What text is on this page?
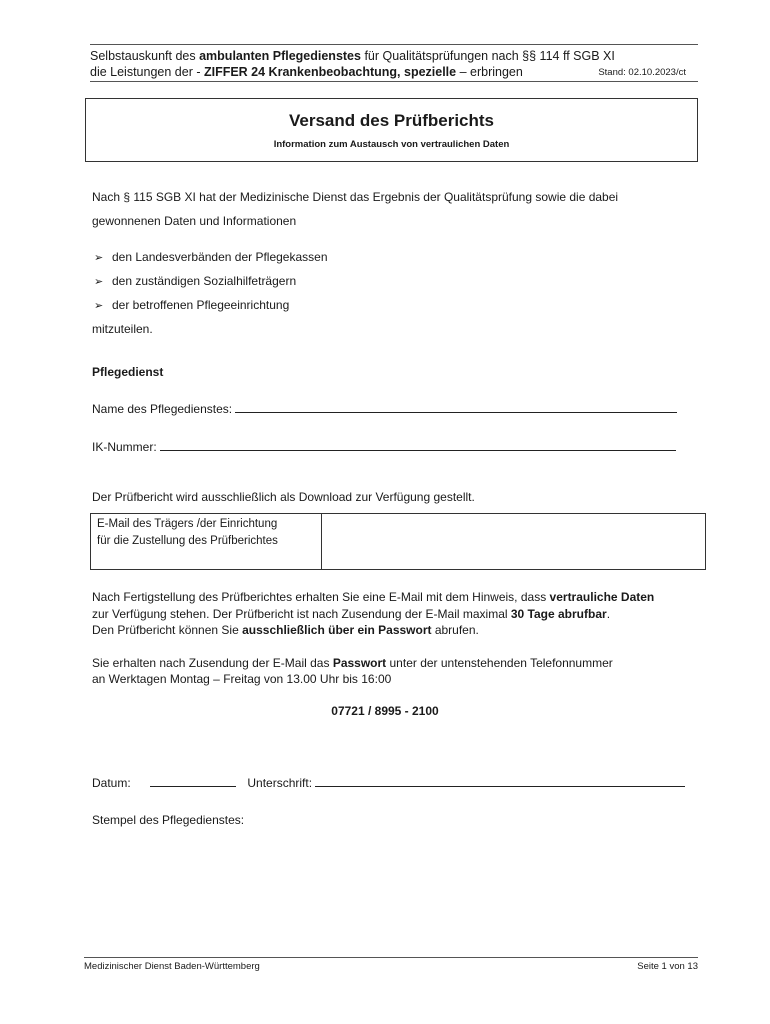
Selbstauskunft des ambulanten Pflegedienstes für Qualitätsprüfungen nach §§ 114 ff SGB XI
die Leistungen der - ZIFFER 24 Krankenbeobachtung, spezielle – erbringen	Stand: 02.10.2023/ct
Versand des Prüfberichts
Information zum Austausch von vertraulichen Daten
Nach § 115 SGB XI hat der Medizinische Dienst das Ergebnis der Qualitätsprüfung sowie die dabei
gewonnenen Daten und Informationen
➢ den Landesverbänden der Pflegekassen
➢ den zuständigen Sozialhilfeträgern
➢ der betroffenen Pflegeeinrichtung
mitzuteilen.
Pflegedienst
Name des Pflegedienstes:
IK-Nummer:
Der Prüfbericht wird ausschließlich als Download zur Verfügung gestellt.
E-Mail des Trägers /der Einrichtung
für die Zustellung des Prüfberichtes
Nach Fertigstellung des Prüfberichtes erhalten Sie eine E-Mail mit dem Hinweis, dass vertrauliche Daten
zur Verfügung stehen. Der Prüfbericht ist nach Zusendung der E-Mail maximal 30 Tage abrufbar.
Den Prüfbericht können Sie ausschließlich über ein Passwort abrufen.
Sie erhalten nach Zusendung der E-Mail das Passwort unter der untenstehenden Telefonnummer
an Werktagen Montag – Freitag von 13.00 Uhr bis 16:00
07721 / 8995 - 2100
Datum:	Unterschrift:
Stempel des Pflegedienstes:
Medizinischer Dienst Baden-Württemberg	Seite 1 von 13
